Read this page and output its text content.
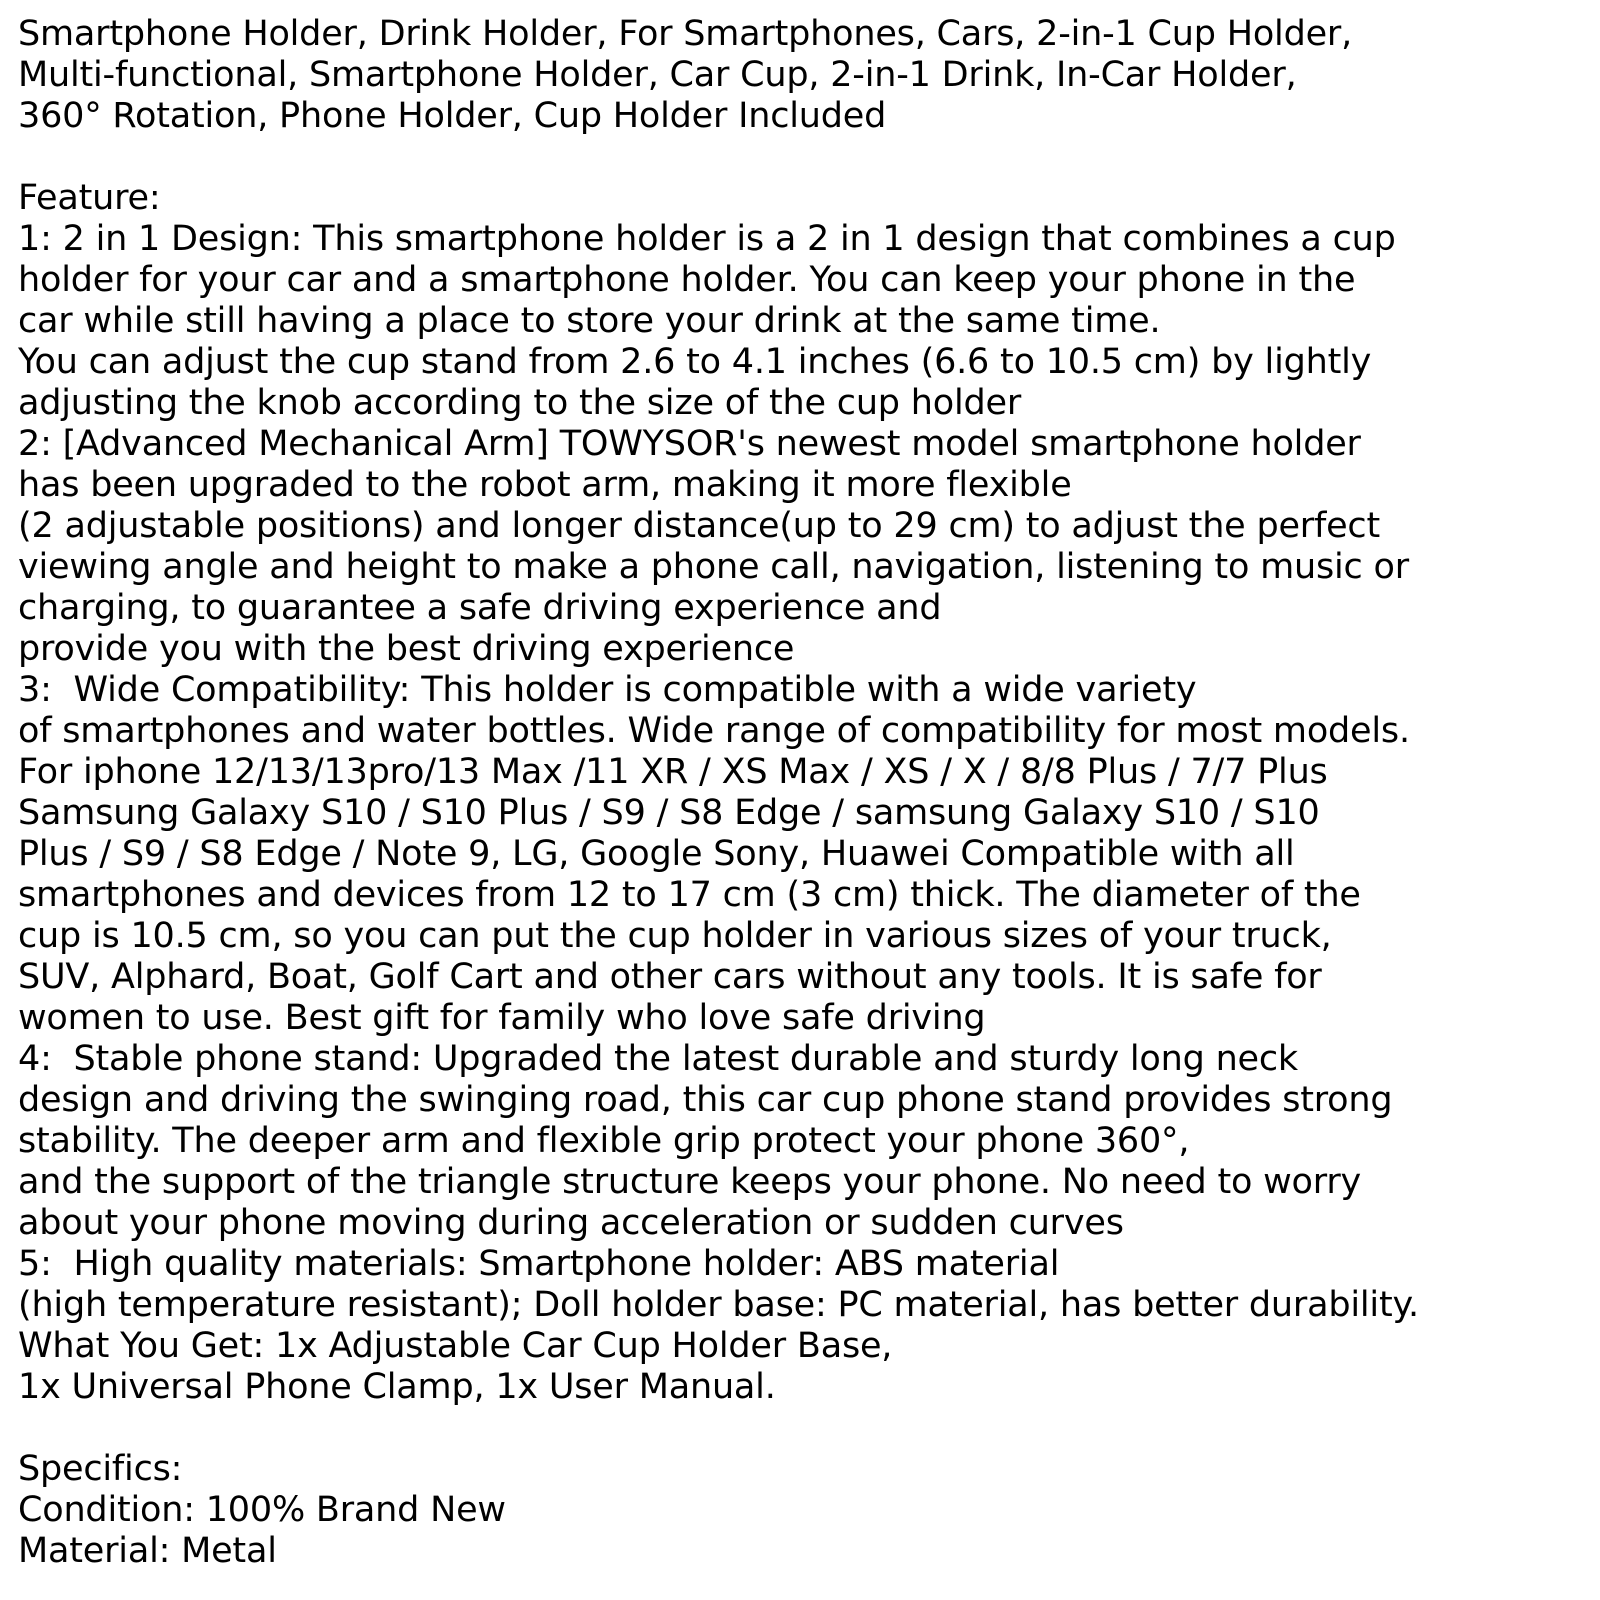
Smartphone Holder, Drink Holder, For Smartphones, Cars, 2-in-1 Cup Holder,
Multi-functional, Smartphone Holder, Car Cup, 2-in-1 Drink, In-Car Holder,
360° Rotation, Phone Holder, Cup Holder Included
Feature:
1: 2 in 1 Design: This smartphone holder is a 2 in 1 design that combines a cup
holder for your car and a smartphone holder. You can keep your phone in the
car while still having a place to store your drink at the same time.
You can adjust the cup stand from 2.6 to 4.1 inches (6.6 to 10.5 cm) by lightly
adjusting the knob according to the size of the cup holder
2: [Advanced Mechanical Arm] TOWYSOR's newest model smartphone holder
has been upgraded to the robot arm, making it more flexible
(2 adjustable positions) and longer distance(up to 29 cm) to adjust the perfect
viewing angle and height to make a phone call, navigation, listening to music or
charging, to guarantee a safe driving experience and
provide you with the best driving experience
3:  Wide Compatibility: This holder is compatible with a wide variety
of smartphones and water bottles. Wide range of compatibility for most models.
For iphone 12/13/13pro/13 Max /11 XR / XS Max / XS / X / 8/8 Plus / 7/7 Plus
Samsung Galaxy S10 / S10 Plus / S9 / S8 Edge / samsung Galaxy S10 / S10
Plus / S9 / S8 Edge / Note 9, LG, Google Sony, Huawei Compatible with all
smartphones and devices from 12 to 17 cm (3 cm) thick. The diameter of the
cup is 10.5 cm, so you can put the cup holder in various sizes of your truck,
SUV, Alphard, Boat, Golf Cart and other cars without any tools. It is safe for
women to use. Best gift for family who love safe driving
4:  Stable phone stand: Upgraded the latest durable and sturdy long neck
design and driving the swinging road, this car cup phone stand provides strong
stability. The deeper arm and flexible grip protect your phone 360°,
and the support of the triangle structure keeps your phone. No need to worry
about your phone moving during acceleration or sudden curves
5:  High quality materials: Smartphone holder: ABS material
(high temperature resistant); Doll holder base: PC material, has better durability.
What You Get: 1x Adjustable Car Cup Holder Base,
1x Universal Phone Clamp, 1x User Manual.
Specifics:
Condition: 100% Brand New
Material: Metal
